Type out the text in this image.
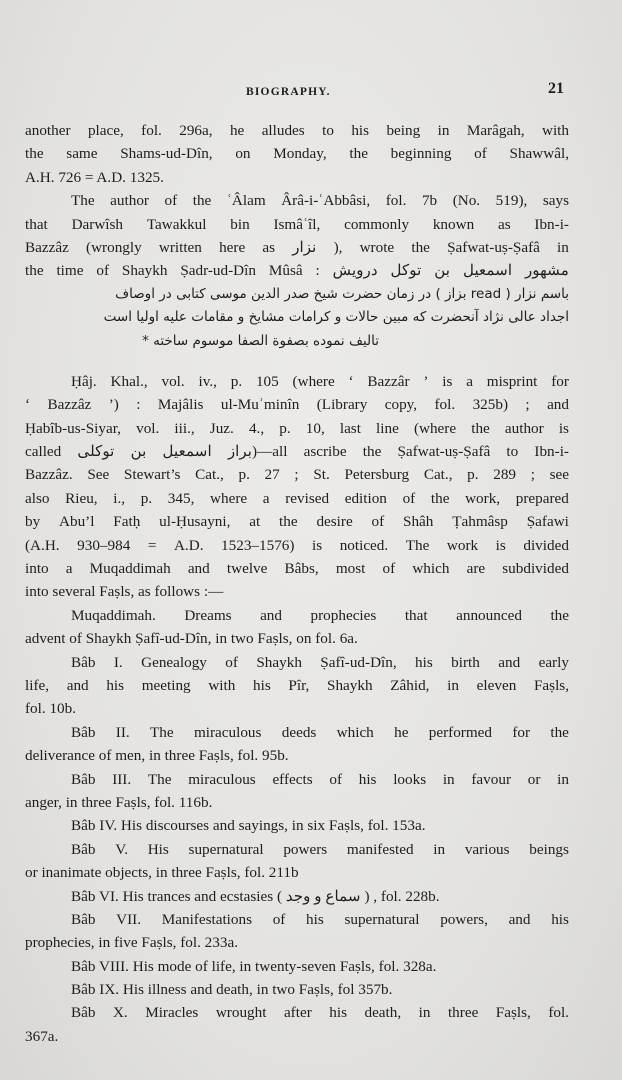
BIOGRAPHY.	21
another place, fol. 296a, he alludes to his being in Marâgah, with
the same Shams-ud-Dîn, on Monday, the beginning of Shawwâl,
A.H. 726 = A.D. 1325.
The author of the ʿÂlam Ârâ-i-ʿAbbâsi, fol. 7b (No. 519), says
that Darwîsh Tawakkul bin Ismâʿîl, commonly known as Ibn-i-
Bazzâz (wrongly written here as نزار ), wrote the Ṣafwat-uṣ-Ṣafâ in
the time of Shaykh Ṣadr-ud-Dîn Mûsâ : درویش توکل بن اسمعیل مشهور
باسم نزار ( read بزاز ) در زمان حضرت شیخ صدر الدین موسی کتابی در اوصاف
اجداد عالی نژاد آنحضرت که مبین حالات و کرامات مشایخ و مقامات علیه اولیا است
تالیف نموده بصفوة الصفا موسوم ساخته *
Ḥâj. Khal., vol. iv., p. 105 (where ‘ Bazzâr ’ is a misprint for
‘ Bazzâz ’) : Majâlis ul-Muʾminîn (Library copy, fol. 325b) ; and
Ḥabîb-us-Siyar, vol. iii., Juz. 4., p. 10, last line (where the author is
called توکلی بن اسمعیل براز)—all ascribe the Ṣafwat-uṣ-Ṣafâ to Ibn-i-
Bazzâz. See Stewart’s Cat., p. 27 ; St. Petersburg Cat., p. 289 ; see
also Rieu, i., p. 345, where a revised edition of the work, prepared
by Abu’l Fatḥ ul-Ḥusayni, at the desire of Shâh Ṭahmâsp Ṣafawi
(A.H. 930–984 = A.D. 1523–1576) is noticed. The work is divided
into a Muqaddimah and twelve Bâbs, most of which are subdivided
into several Faṣls, as follows :—
Muqaddimah. Dreams and prophecies that announced the
advent of Shaykh Ṣafî-ud-Dîn, in two Faṣls, on fol. 6a.
Bâb I. Genealogy of Shaykh Ṣafî-ud-Dîn, his birth and early
life, and his meeting with his Pîr, Shaykh Zâhid, in eleven Faṣls,
fol. 10b.
Bâb II. The miraculous deeds which he performed for the
deliverance of men, in three Faṣls, fol. 95b.
Bâb III. The miraculous effects of his looks in favour or in
anger, in three Faṣls, fol. 116b.
Bâb IV. His discourses and sayings, in six Faṣls, fol. 153a.
Bâb V. His supernatural powers manifested in various beings
or inanimate objects, in three Faṣls, fol. 211b
Bâb VI. His trances and ecstasies ( سماع و وجد ) , fol. 228b.
Bâb VII. Manifestations of his supernatural powers, and his
prophecies, in five Faṣls, fol. 233a.
Bâb VIII. His mode of life, in twenty-seven Faṣls, fol. 328a.
Bâb IX. His illness and death, in two Faṣls, fol 357b.
Bâb X. Miracles wrought after his death, in three Faṣls, fol.
367a.
